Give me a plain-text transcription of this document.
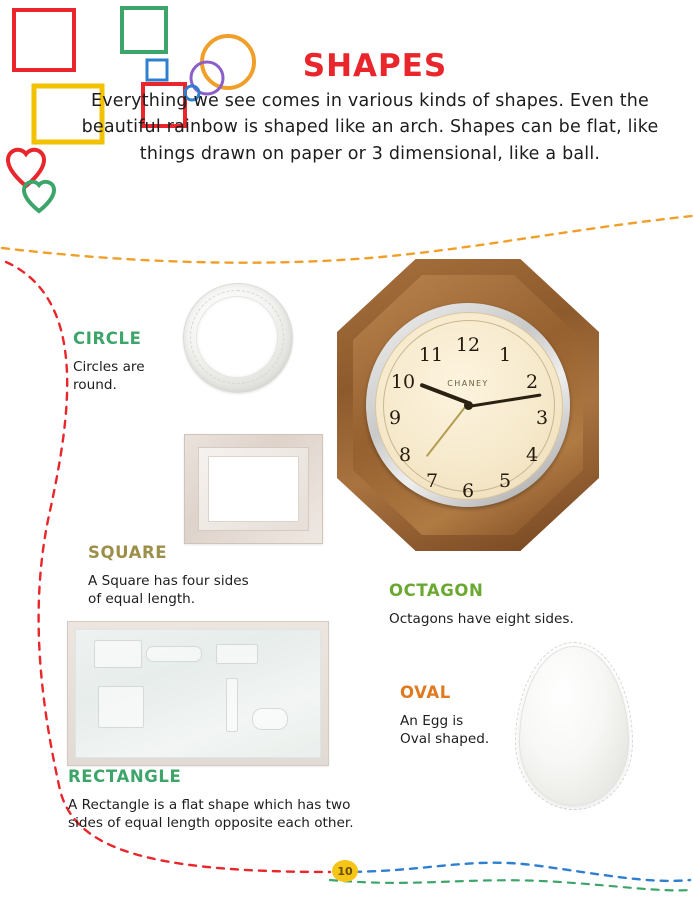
SHAPES

Everything we see comes in various kinds of shapes. Even the beautiful rainbow is shaped like an arch. Shapes can be flat, like things drawn on paper or 3 dimensional, like a ball.

CIRCLE
Circles are
round.
SQUARE
A Square has four sides
of equal length.
RECTANGLE
A Rectangle is a flat shape which has two
sides of equal length opposite each other.
12 1
2
3
4
5
6
7
8
9
10
11
CHANEY
OCTAGON
Octagons have eight sides.
OVAL
An Egg is
Oval shaped.
10
